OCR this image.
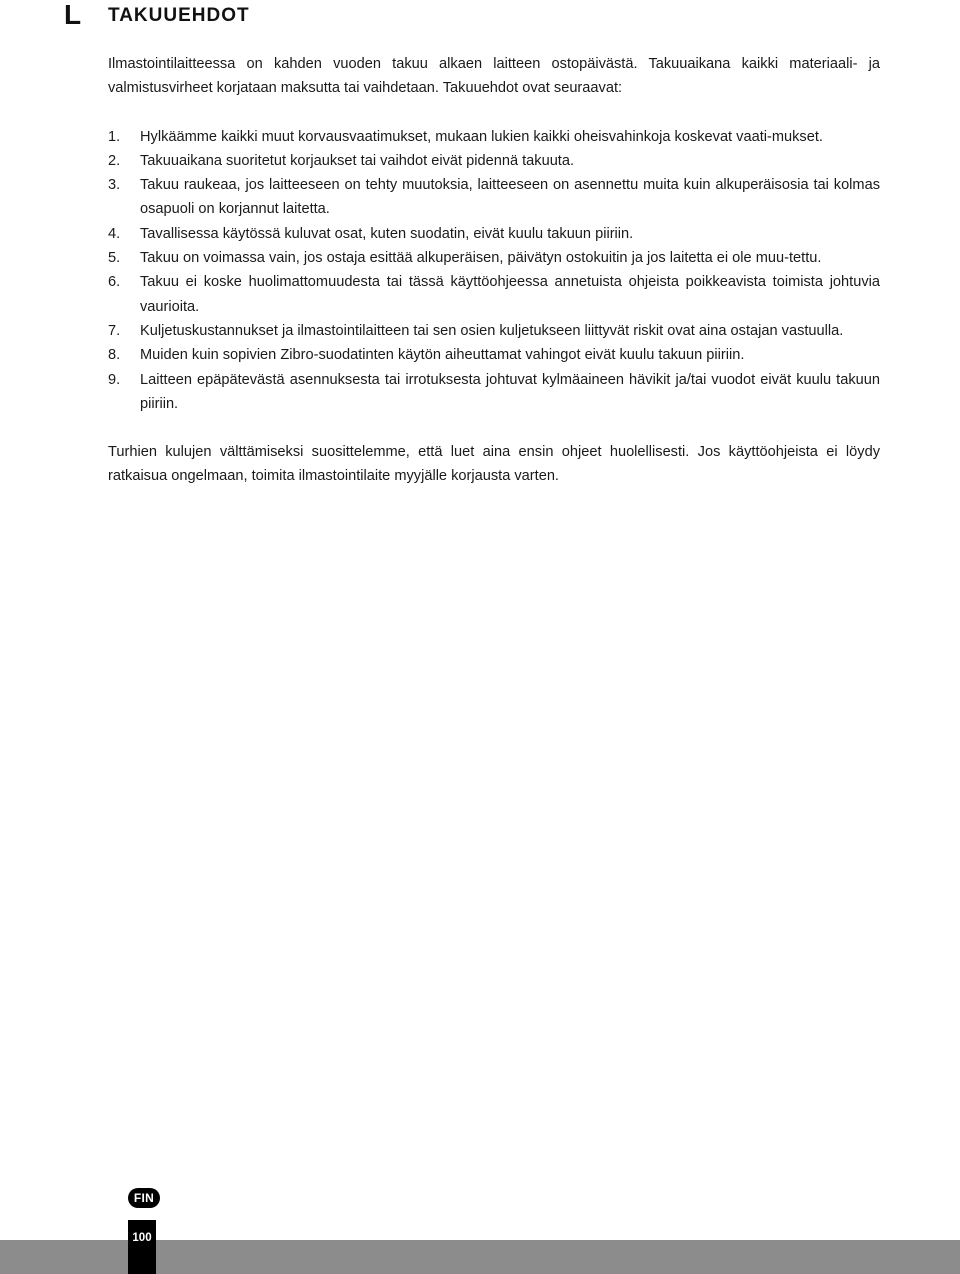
L TAKUUEHDOT

Ilmastointilaitteessa on kahden vuoden takuu alkaen laitteen ostopäivästä. Takuuaikana kaikki materiaali- ja valmistusvirheet korjataan maksutta tai vaihdetaan. Takuuehdot ovat seuraavat:

1.	Hylkäämme kaikki muut korvausvaatimukset, mukaan lukien kaikki oheisvahinkoja koskevat vaati-mukset.
2.	Takuuaikana suoritetut korjaukset tai vaihdot eivät pidennä takuuta.
3.	Takuu raukeaa, jos laitteeseen on tehty muutoksia, laitteeseen on asennettu muita kuin alkuperäisosia tai kolmas osapuoli on korjannut laitetta.
4.	Tavallisessa käytössä kuluvat osat, kuten suodatin, eivät kuulu takuun piiriin.
5.	Takuu on voimassa vain, jos ostaja esittää alkuperäisen, päivätyn ostokuitin ja jos laitetta ei ole muu-tettu.
6.	Takuu ei koske huolimattomuudesta tai tässä käyttöohjeessa annetuista ohjeista poikkeavista toimista johtuvia vaurioita.
7.	Kuljetuskustannukset ja ilmastointilaitteen tai sen osien kuljetukseen liittyvät riskit ovat aina ostajan vastuulla.
8.	Muiden kuin sopivien Zibro-suodatinten käytön aiheuttamat vahingot eivät kuulu takuun piiriin.
9.	Laitteen epäpätevästä asennuksesta tai irrotuksesta johtuvat kylmäaineen hävikit ja/tai vuodot eivät kuulu takuun piiriin.

Turhien kulujen välttämiseksi suosittelemme, että luet aina ensin ohjeet huolellisesti. Jos käyttöohjeista ei löydy ratkaisua ongelmaan, toimita ilmastointilaite myyjälle korjausta varten.

FIN
100
